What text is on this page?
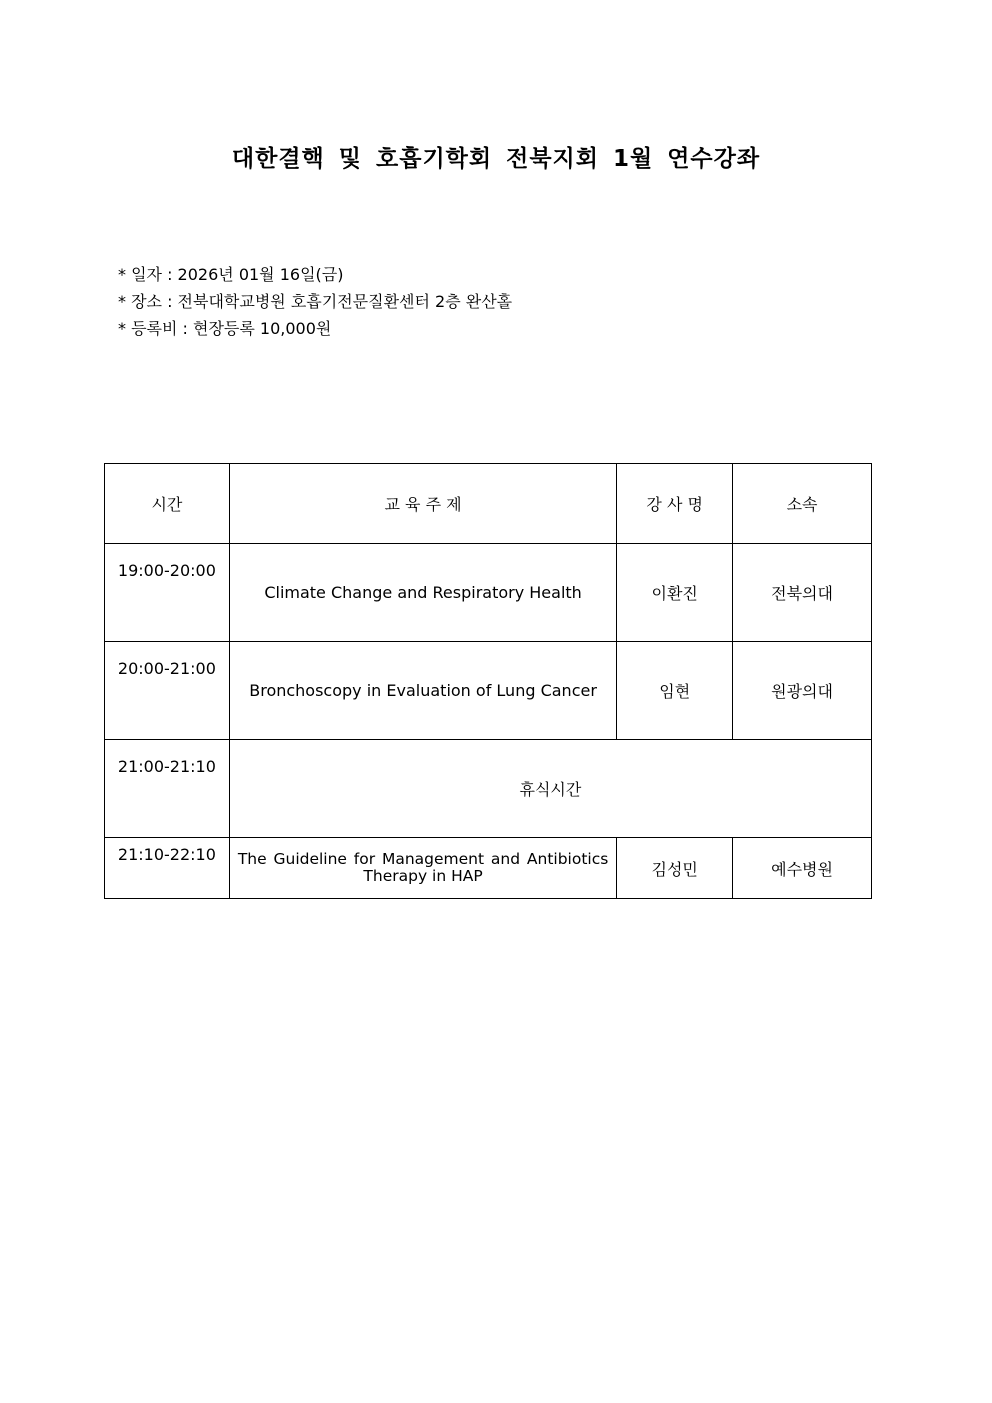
대한결핵 및 호흡기학회 전북지회 1월 연수강좌
* 일자 : 2026년 01월 16일(금)
* 장소 : 전북대학교병원 호흡기전문질환센터 2층 완산홀
* 등록비 : 현장등록 10,000원
시간	교 육 주 제	강 사 명	소속
19:00-20:00	Climate Change and Respiratory Health	이환진	전북의대
20:00-21:00	Bronchoscopy in Evaluation of Lung Cancer	임현	원광의대
21:00-21:10	휴식시간		
21:10-22:10	The Guideline for Management and Antibiotics Therapy in HAP	김성민	예수병원
